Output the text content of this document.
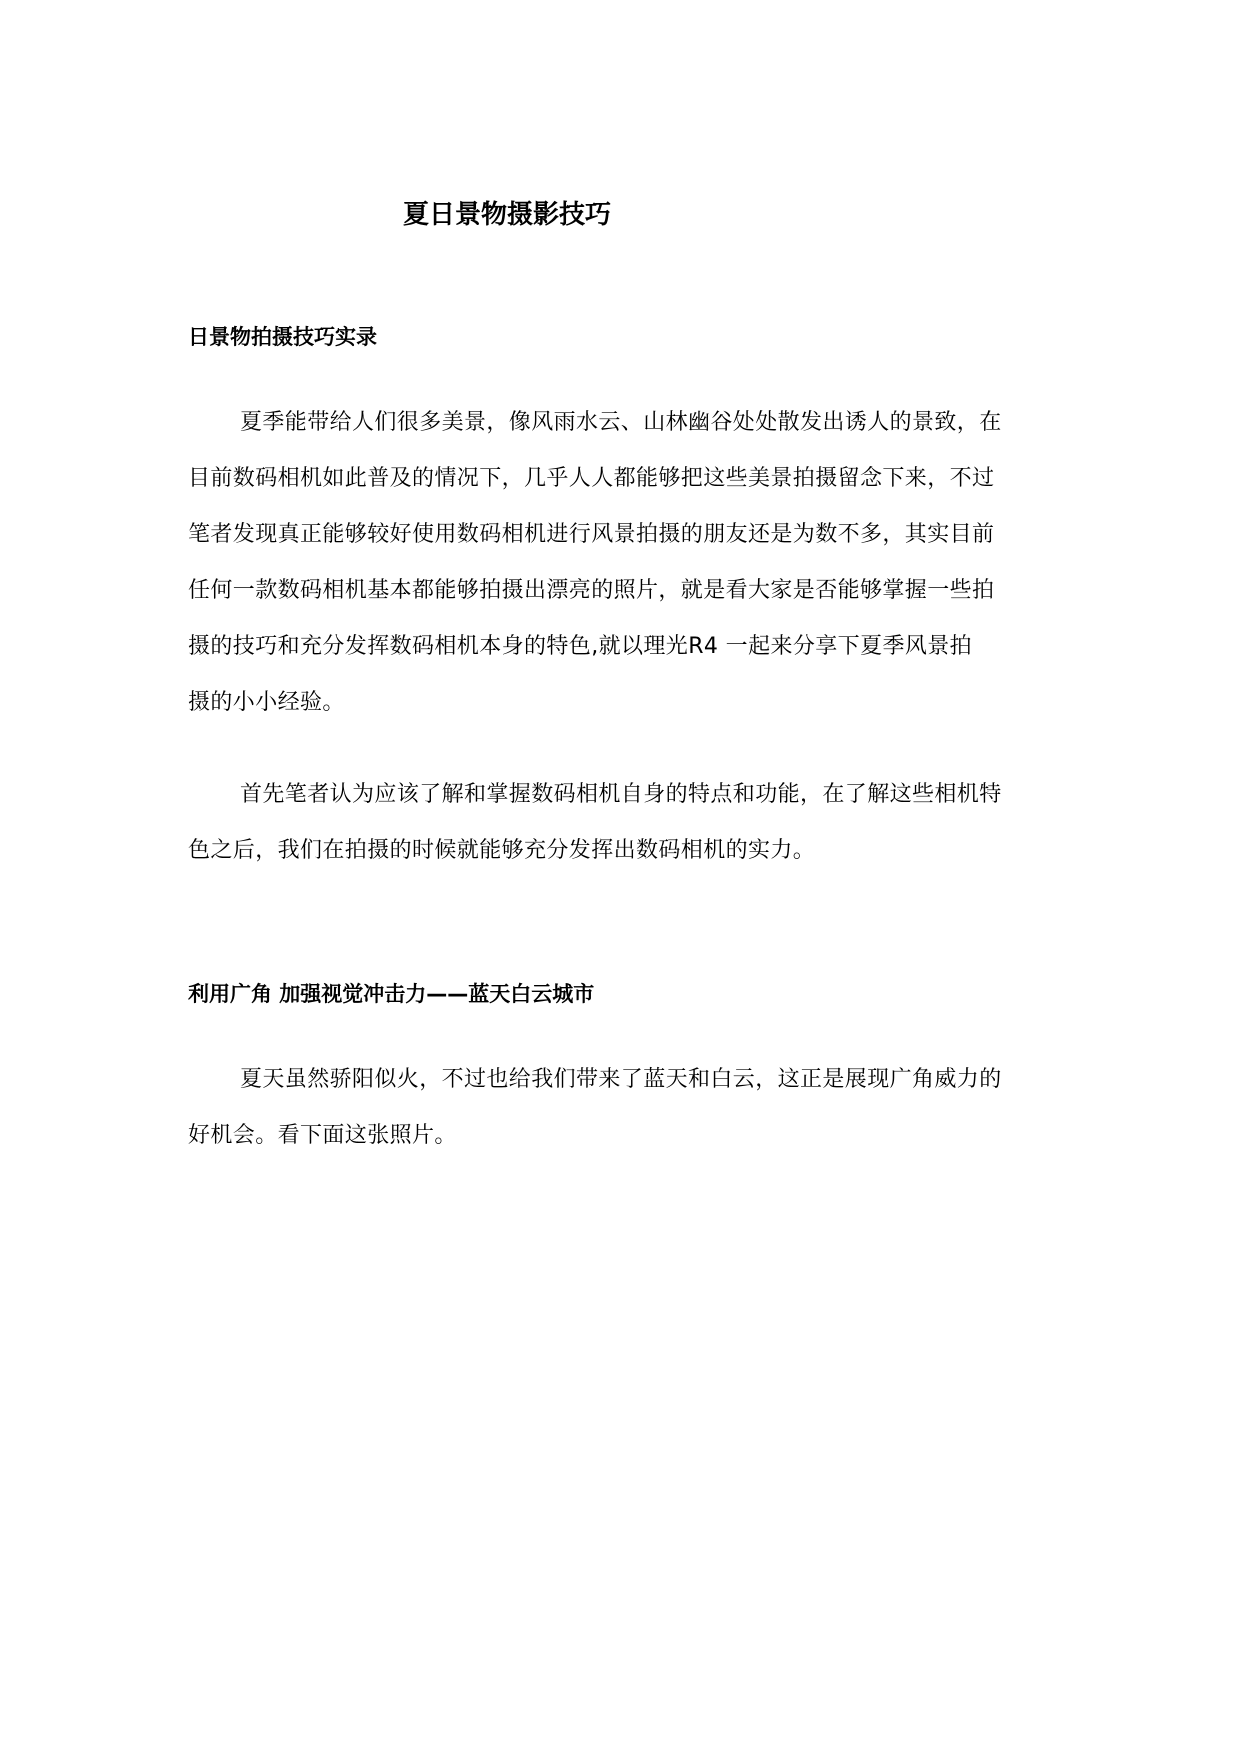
夏日景物摄影技巧
日景物拍摄技巧实录
夏季能带给人们很多美景，像风雨水云、山林幽谷处处散发出诱人的景致，在
目前数码相机如此普及的情况下，几乎人人都能够把这些美景拍摄留念下来，不过
笔者发现真正能够较好使用数码相机进行风景拍摄的朋友还是为数不多，其实目前
任何一款数码相机基本都能够拍摄出漂亮的照片，就是看大家是否能够掌握一些拍
摄的技巧和充分发挥数码相机本身的特色,就以理光R4 一起来分享下夏季风景拍
摄的小小经验。
首先笔者认为应该了解和掌握数码相机自身的特点和功能，在了解这些相机特
色之后，我们在拍摄的时候就能够充分发挥出数码相机的实力。
利用广角 加强视觉冲击力——蓝天白云城市
夏天虽然骄阳似火，不过也给我们带来了蓝天和白云，这正是展现广角威力的
好机会。看下面这张照片。
